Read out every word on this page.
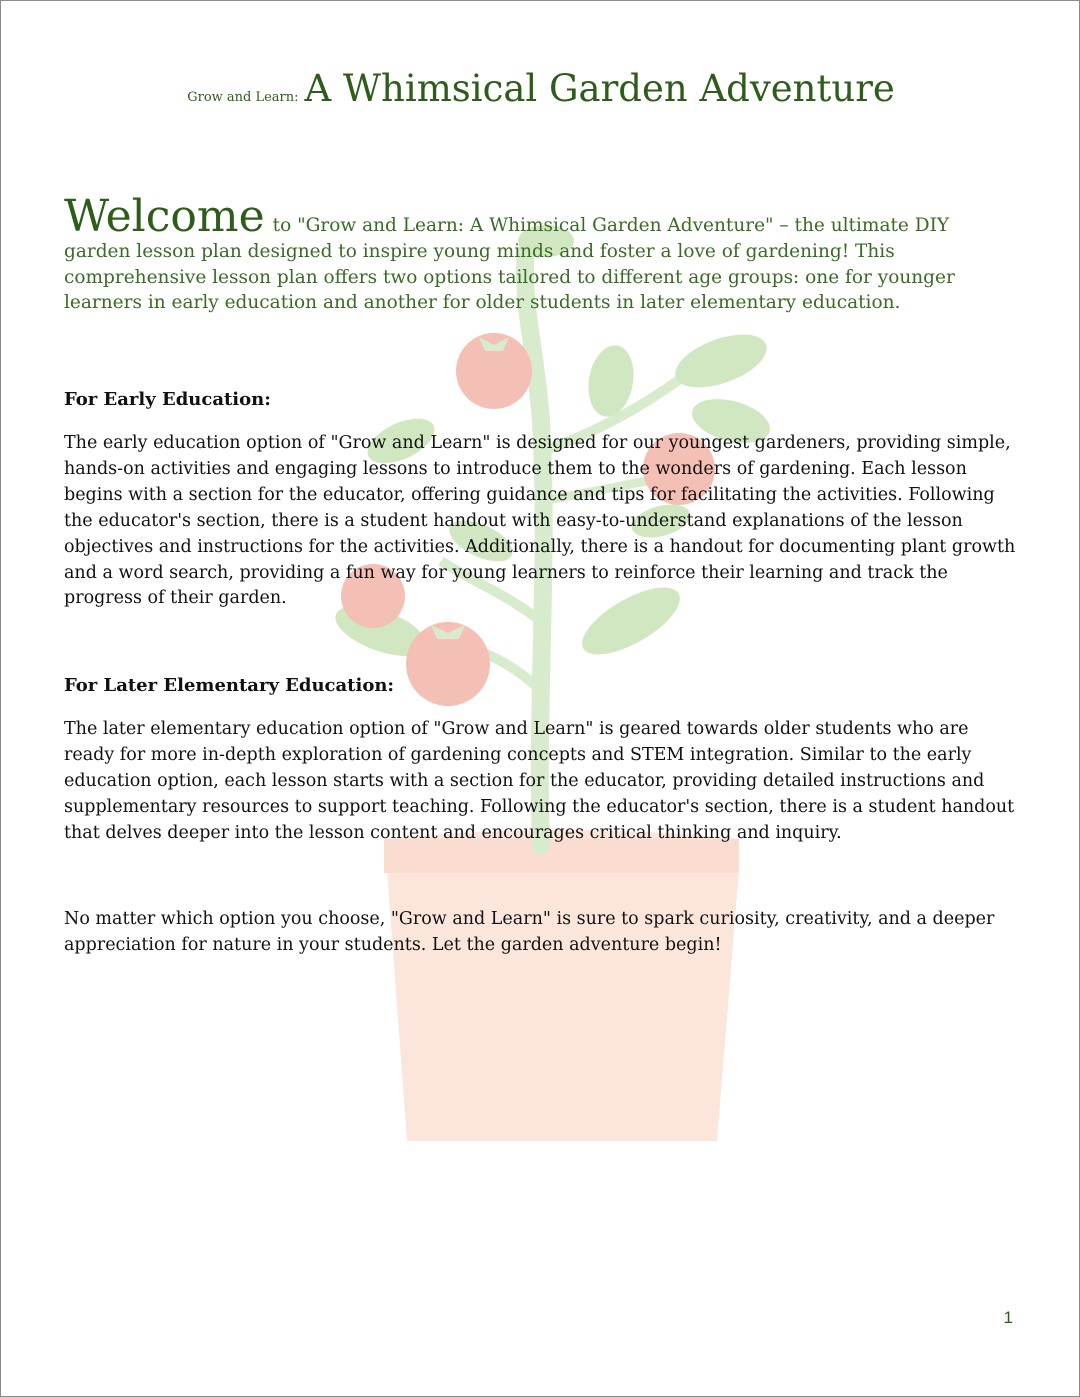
Grow and Learn: A Whimsical Garden Adventure
Welcome to "Grow and Learn: A Whimsical Garden Adventure" – the ultimate DIY garden lesson plan designed to inspire young minds and foster a love of gardening! This comprehensive lesson plan offers two options tailored to different age groups: one for younger learners in early education and another for older students in later elementary education.
For Early Education:
The early education option of "Grow and Learn" is designed for our youngest gardeners, providing simple, hands-on activities and engaging lessons to introduce them to the wonders of gardening. Each lesson begins with a section for the educator, offering guidance and tips for facilitating the activities. Following the educator's section, there is a student handout with easy-to-understand explanations of the lesson objectives and instructions for the activities. Additionally, there is a handout for documenting plant growth and a word search, providing a fun way for young learners to reinforce their learning and track the progress of their garden.
For Later Elementary Education:
The later elementary education option of "Grow and Learn" is geared towards older students who are ready for more in-depth exploration of gardening concepts and STEM integration. Similar to the early education option, each lesson starts with a section for the educator, providing detailed instructions and supplementary resources to support teaching. Following the educator's section, there is a student handout that delves deeper into the lesson content and encourages critical thinking and inquiry.
No matter which option you choose, "Grow and Learn" is sure to spark curiosity, creativity, and a deeper appreciation for nature in your students. Let the garden adventure begin!
1
